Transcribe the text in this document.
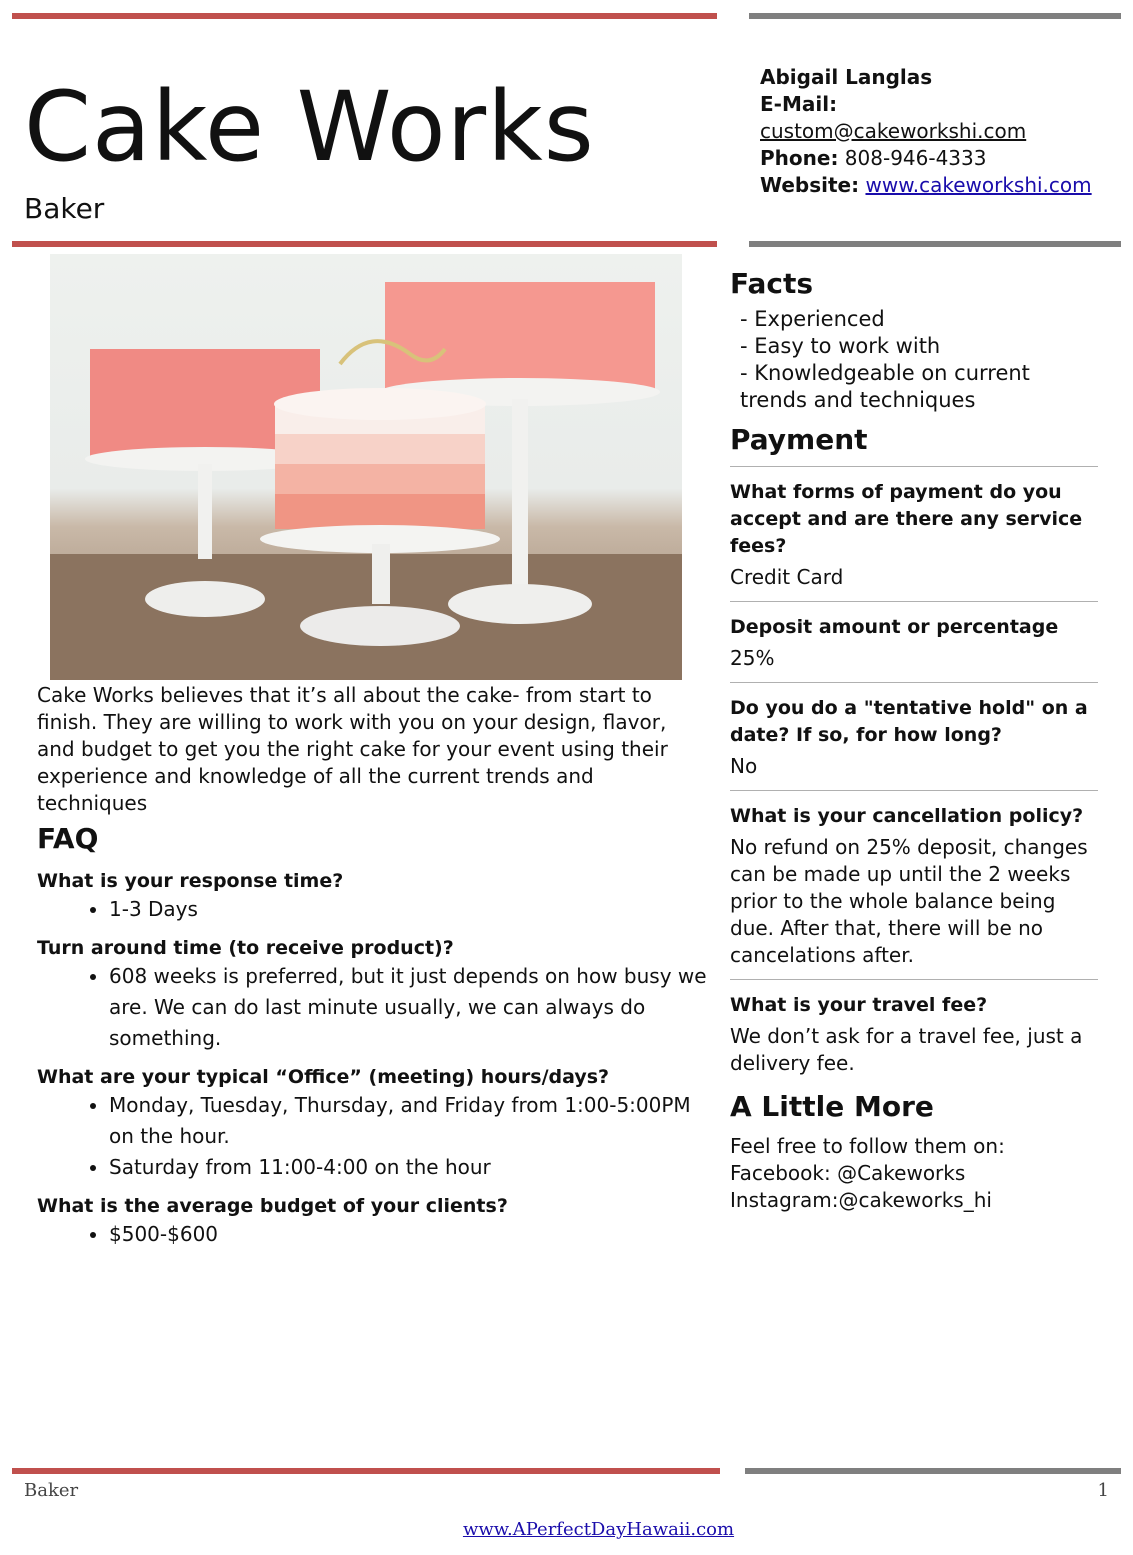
Cake Works
Baker
Abigail Langlas
E-Mail:
custom@cakeworkshi.com
Phone: 808-946-4333
Website: www.cakeworkshi.com

Cake Works believes that it’s all about the cake- from start to finish. They are willing to work with you on your design, flavor, and budget to get you the right cake for your event using their experience and knowledge of all the current trends and techniques

FAQ

What is your response time?

• 1-3 Days

Turn around time (to receive product)?

• 608 weeks is preferred, but it just depends on how busy we are. We can do last minute usually, we can always do something.

What are your typical “Office” (meeting) hours/days?

• Monday, Tuesday, Thursday, and Friday from 1:00-5:00PM on the hour.
• Saturday from 11:00-4:00 on the hour

What is the average budget of your clients?

• $500-$600
Facts
- Experienced
- Easy to work with
- Knowledgeable on current trends and techniques
Payment

What forms of payment do you accept and are there any service fees?

Credit Card

Deposit amount or percentage

25%

Do you do a "tentative hold" on a date? If so, for how long?

No

What is your cancellation policy?

No refund on 25% deposit, changes can be made up until the 2 weeks prior to the whole balance being due. After that, there will be no cancelations after.

What is your travel fee?

We don’t ask for a travel fee, just a delivery fee.

A Little More
Feel free to follow them on:
Facebook: @Cakeworks
Instagram:@cakeworks_hi
Baker	1
www.APerfectDayHawaii.com
